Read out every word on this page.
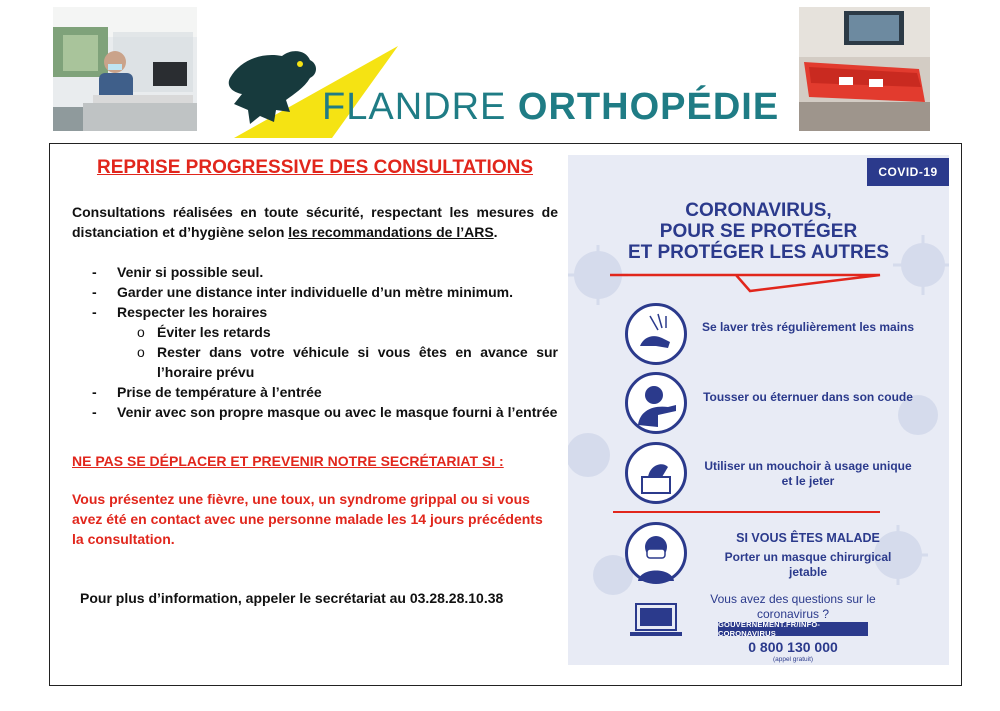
FLANDRE ORTHOPÉDIE
REPRISE PROGRESSIVE DES CONSULTATIONS
Consultations réalisées en toute sécurité, respectant les mesures de distanciation et d’hygiène selon les recommandations de l’ARS.
- Venir si possible seul.
- Garder une distance inter individuelle d’un mètre minimum.
- Respecter les horaires
o Éviter les retards
o Rester dans votre véhicule si vous êtes en avance sur l’horaire prévu
- Prise de température à l’entrée
- Venir avec son propre masque ou avec le masque fourni à l’entrée
NE PAS SE DÉPLACER ET PREVENIR NOTRE SECRÉTARIAT SI :
Vous présentez une fièvre, une toux, un syndrome grippal ou si vous avez été en contact avec une personne malade les 14 jours précédents la consultation.
Pour plus d’information, appeler le secrétariat au 03.28.28.10.38
COVID-19
CORONAVIRUS,
POUR SE PROTÉGER
ET PROTÉGER LES AUTRES
Se laver très régulièrement les mains
Tousser ou éternuer dans son coude
Utiliser un mouchoir à usage unique et le jeter
SI VOUS ÊTES MALADE
Porter un masque chirurgical jetable
Vous avez des questions sur le coronavirus ?
GOUVERNEMENT.FR/INFO-CORONAVIRUS
0 800 130 000
(appel gratuit)
